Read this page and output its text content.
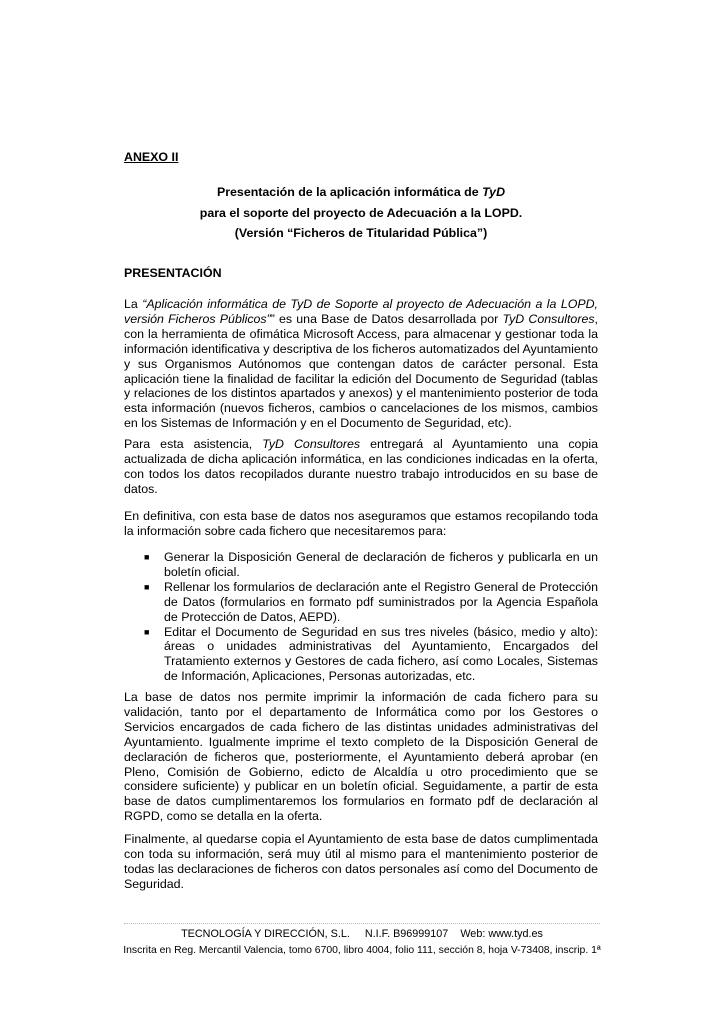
ANEXO II
Presentación de la aplicación informática de TyD
para el soporte del proyecto de Adecuación a la LOPD.
(Versión “Ficheros de Titularidad Pública”)
PRESENTACIÓN

La “Aplicación informática de TyD de Soporte al proyecto de Adecuación a la LOPD, versión Ficheros Públicos”” es una Base de Datos desarrollada por TyD Consultores, con la herramienta de ofimática Microsoft Access, para almacenar y gestionar toda la información identificativa y descriptiva de los ficheros automatizados del Ayuntamiento y sus Organismos Autónomos que contengan datos de carácter personal. Esta aplicación tiene la finalidad de facilitar la edición del Documento de Seguridad (tablas y relaciones de los distintos apartados y anexos) y el mantenimiento posterior de toda esta información (nuevos ficheros, cambios o cancelaciones de los mismos, cambios en los Sistemas de Información y en el Documento de Seguridad, etc).

Para esta asistencia, TyD Consultores entregará al Ayuntamiento una copia actualizada de dicha aplicación informática, en las condiciones indicadas en la oferta, con todos los datos recopilados durante nuestro trabajo introducidos en su base de datos.

En definitiva, con esta base de datos nos aseguramos que estamos recopilando toda la información sobre cada fichero que necesitaremos para:

■ Generar la Disposición General de declaración de ficheros y publicarla en un boletín oficial.
■ Rellenar los formularios de declaración ante el Registro General de Protección de Datos (formularios en formato pdf suministrados por la Agencia Española de Protección de Datos, AEPD).
■ Editar el Documento de Seguridad en sus tres niveles (básico, medio y alto): áreas o unidades administrativas del Ayuntamiento, Encargados del Tratamiento externos y Gestores de cada fichero, así como Locales, Sistemas de Información, Aplicaciones, Personas autorizadas, etc.

La base de datos nos permite imprimir la información de cada fichero para su validación, tanto por el departamento de Informática como por los Gestores o Servicios encargados de cada fichero de las distintas unidades administrativas del Ayuntamiento. Igualmente imprime el texto completo de la Disposición General de declaración de ficheros que, posteriormente, el Ayuntamiento deberá aprobar (en Pleno, Comisión de Gobierno, edicto de Alcaldía u otro procedimiento que se considere suficiente) y publicar en un boletín oficial. Seguidamente, a partir de esta base de datos cumplimentaremos los formularios en formato pdf de declaración al RGPD, como se detalla en la oferta.

Finalmente, al quedarse copia el Ayuntamiento de esta base de datos cumplimentada con toda su información, será muy útil al mismo para el mantenimiento posterior de todas las declaraciones de ficheros con datos personales así como del Documento de Seguridad.

TECNOLOGÍA Y DIRECCIÓN, S.L. N.I.F. B96999107 Web: www.tyd.es
Inscrita en Reg. Mercantil Valencia, tomo 6700, libro 4004, folio 111, sección 8, hoja V-73408, inscrip. 1ª
